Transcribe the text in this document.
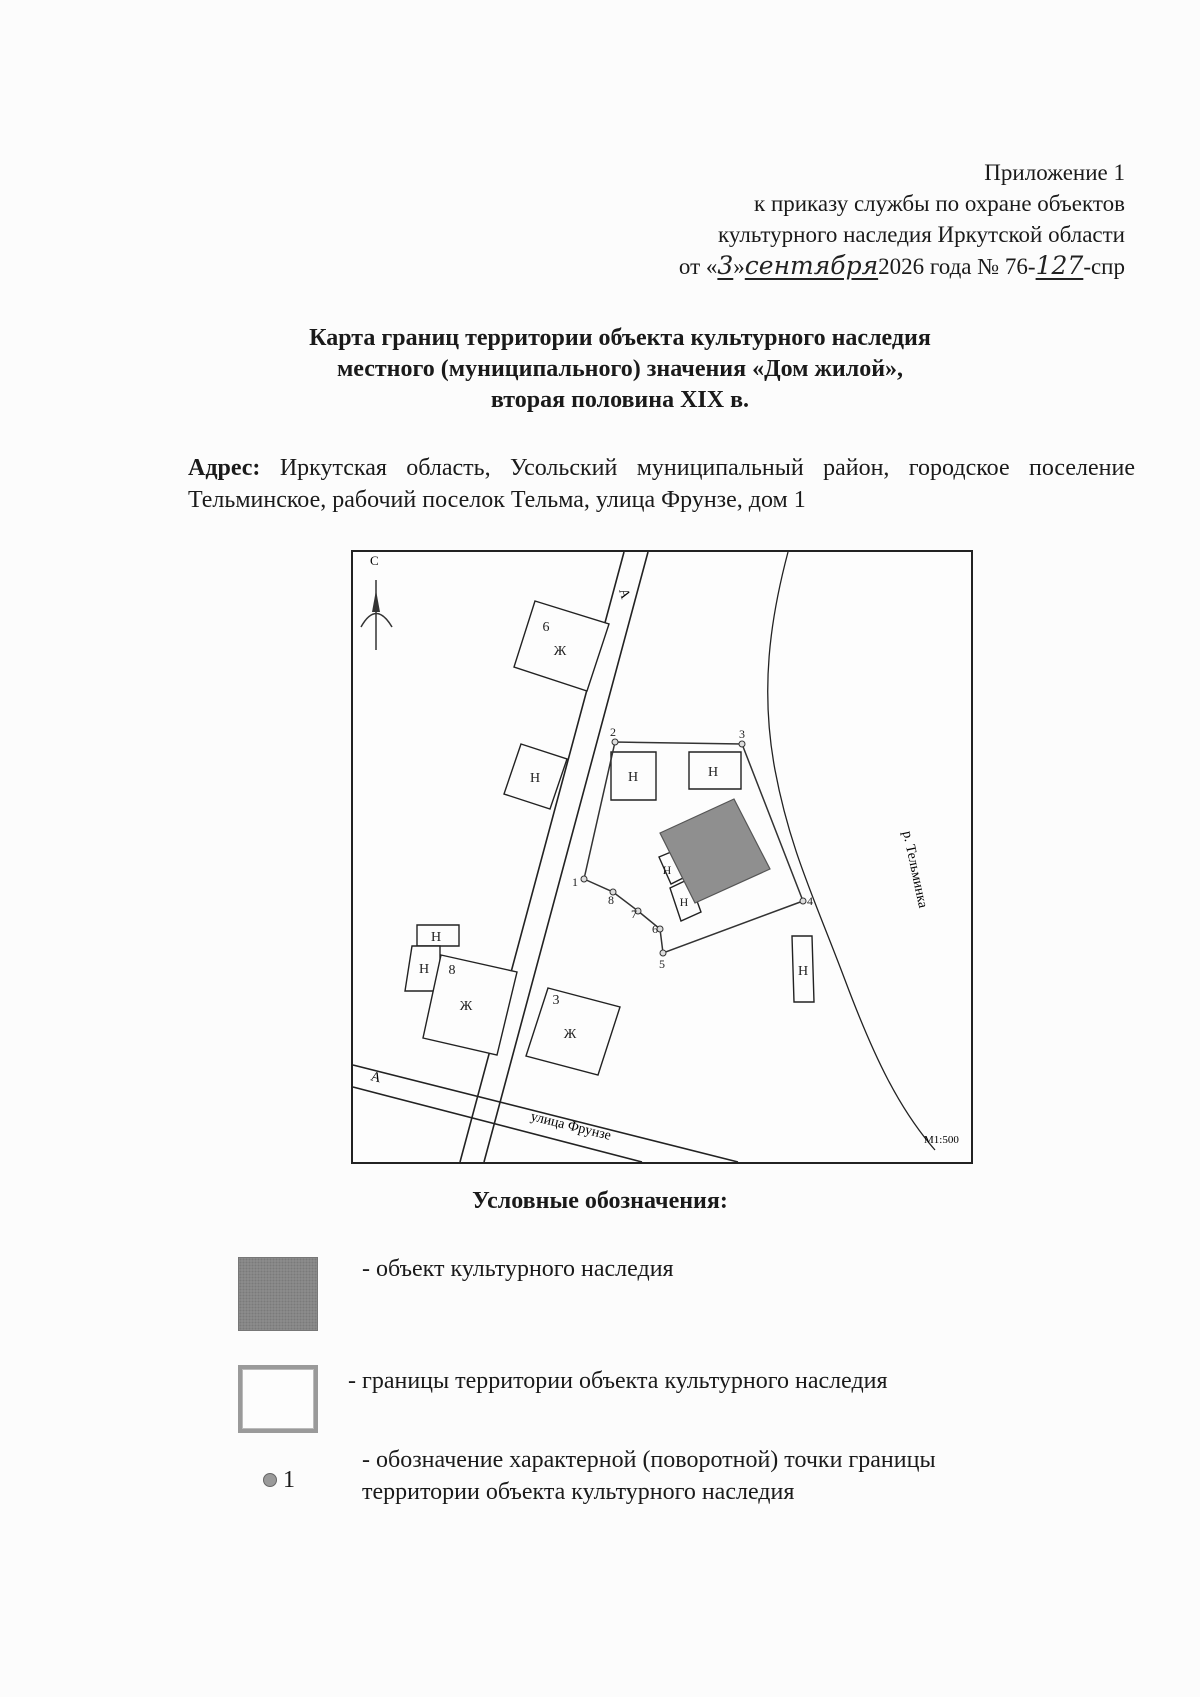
Приложение 1
к приказу службы по охране объектов
культурного наследия Иркутской области
от «3»сентября2026 года № 76-127-спр
Карта границ территории объекта культурного наследия
местного (муниципального) значения «Дом жилой»,
вторая половина XIX в.
Адрес: Иркутская область, Усольский муниципальный район, городское поселение Тельминское, рабочий поселок Тельма, улица Фрунзе, дом 1
С
А
А
улица Фрунзе
р. Тельминка
6
Ж
Н	Н	Н
Н
Н
Н
Н
Н 8
Ж	3
Ж
1
2	3
4
5
6
7
8
М1:500
Условные обозначения:
- объект культурного наследия
- границы территории объекта культурного наследия
1
- обозначение характерной (поворотной) точки границы
территории объекта культурного наследия
